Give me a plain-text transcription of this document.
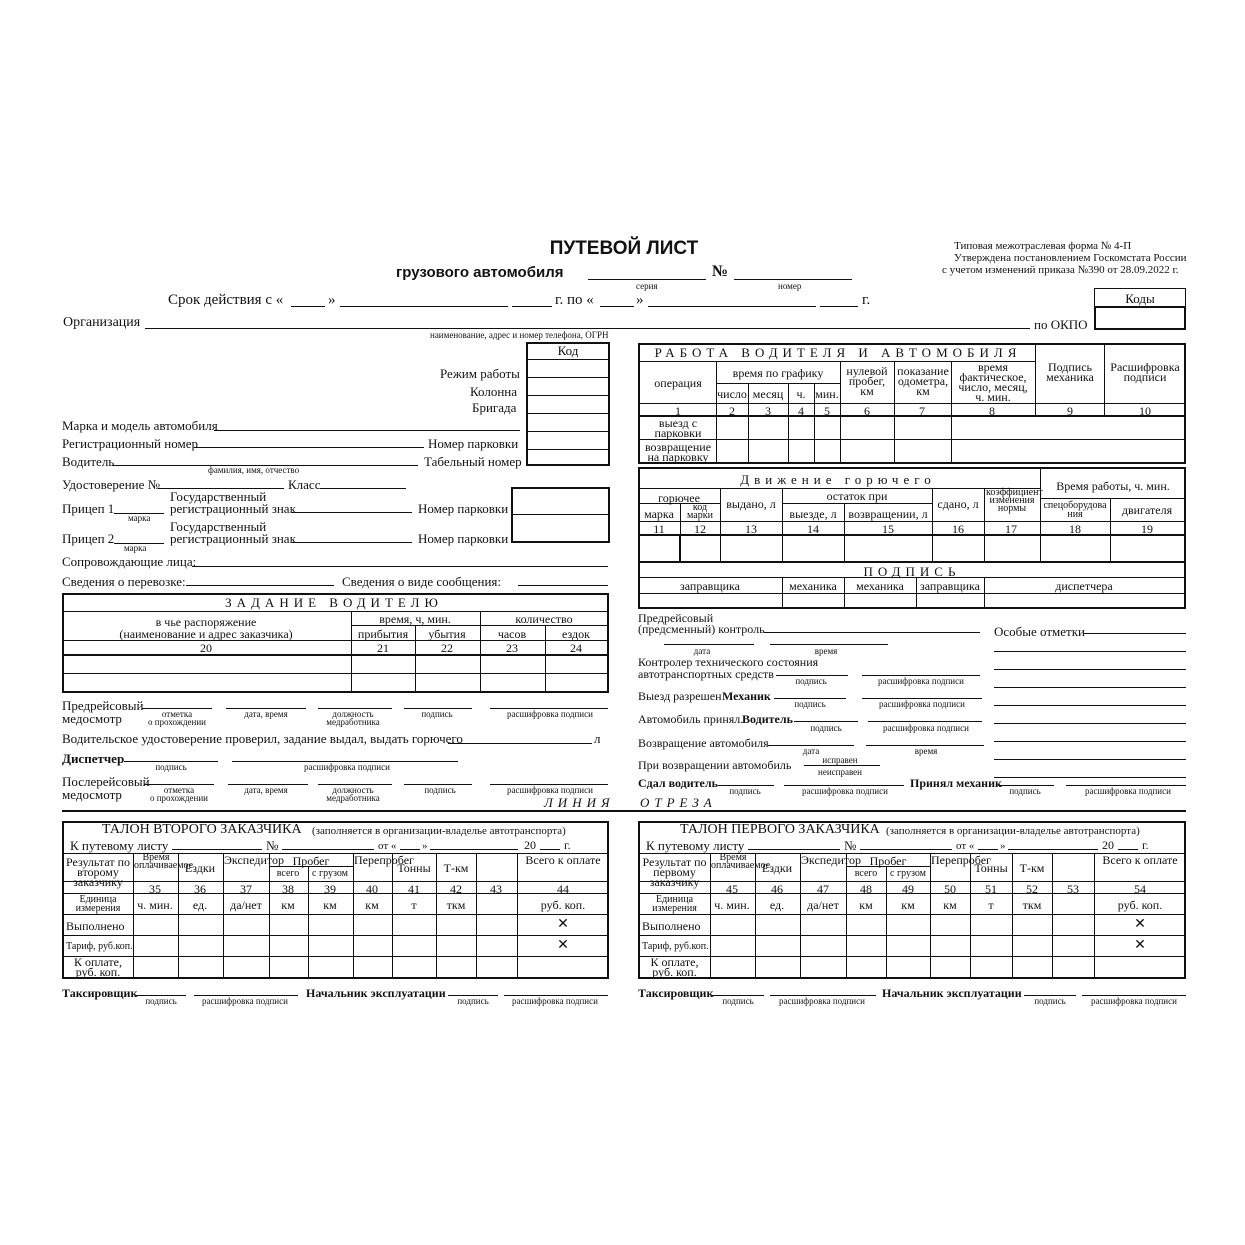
ПУТЕВОЙ ЛИСТ
грузового автомобиля
серия
№
номер
Типовая межотраслевая форма № 4-П
Утверждена постановлением Госкомстата России
с учетом изменений приказа №390 от 28.09.2022 г.
Срок действия с «	»	г. по «	»	г.	Коды
Организация
наименование, адрес и номер телефона, ОГРН
по ОКПО
Код
Режим работы
Колонна
Бригада
Марка и модель автомобиля
Регистрационный номер	Номер парковки
Водитель
фамилия, имя, отчество
Табельный номер
Удостоверение №	Класс
Прицеп 1
марка
Государственный
регистрационный знак	Номер парковки
Прицеп 2
марка
Государственный
регистрационный знак	Номер парковки
Сопровождающие лица:
Сведения о перевозке:	Сведения о виде сообщения:
ЗАДАНИЕ ВОДИТЕЛЮ
в чье распоряжение
(наименование и адрес заказчика)
время, ч, мин.	количество
прибытия убытия	часов	ездок
20	21	22	23	24
Предрейсовый
медосмотр	отметка
о прохождении
дата, время	должность
медработника
подпись	расшифровка подписи
Водительское удостоверение проверил, задание выдал, выдать горючего	л
Диспетчер
подпись	расшифровка подписи
Послерейсовый
медосмотр	отметка
о прохождении
дата, время	должность
медработника
подпись	расшифровка подписи
РАБОТА ВОДИТЕЛЯ И АВТОМОБИЛЯ
операция
время по графику
число месяц ч. мин.
нулевой пробег, км
показание одометра, км
время фактическое, число, месяц, ч. мин.
Подпись механика
Расшифровка подписи
1	2	3 4 5	6	7	8	9	10
выезд с парковки
возвращение на парковку
Движение горючего	Время работы, ч. мин.
горючее выдано, л
остаток при
сдано, л
коэффициент изменения нормы
марка	код марки	выезде, л возвращении, л
спецоборудования	двигателя
11 12	13	14	15	16	17	18	19
ПОДПИСЬ
заправщика	механика механика заправщика	диспетчера
Предрейсовый
(предсменный) контроль
дата	время
Особые отметки
Контролер технического состояния
автотранспортных средств подпись	расшифровка подписи
Выезд разрешен Механик
подпись	расшифровка подписи
Автомобиль принял.
Водитель
подпись	расшифровка подписи
Возвращение автомобиля
дата	время
При возвращении автомобиль	исправен
неисправен
Сдал водитель
подпись	расшифровка подписи
Принял механик
подпись	расшифровка подписи
ЛИНИЯ ОТРЕЗА
ТАЛОН ВТОРОГО ЗАКАЗЧИКА (заполняется в организации-владелье автотранспорта)
К путевому листу	№	от « »	20 г.
Результат по второму заказчику
Время оплачиваемое
Ездки
Экспедитор Пробег
всего с грузом
Перепробег
Тонны Т-км
Всего к оплате
35	36	37	38	39	40	41	42 43	44
Единица измерения	ч. мин. ед. да/нет км км км	т	ткм	руб. коп.
Выполнено	✕
Тариф, руб.коп.	✕
К оплате, руб. коп.
Таксировщик
подпись	расшифровка подписи
Начальник эксплуатации
подпись	расшифровка подписи
ТАЛОН ПЕРВОГО ЗАКАЗЧИКА (заполняется в организации-владелье автотранспорта)
К путевому листу	№	от « »	20 г.
Результат по первому заказчику
Время оплачиваемое
Ездки
Экспедитор Пробег
всего с грузом
Перепробег
Тонны Т-км
Всего к оплате
45	46	47	48	49	50 51 52 53	54
Единица измерения	ч. мин. ед. да/нет км км км	т ткм	руб. коп.
Выполнено	✕
Тариф, руб.коп.	✕
К оплате, руб. коп.
Таксировщик
подпись	расшифровка подписи
Начальник эксплуатации
подпись	расшифровка подписи
